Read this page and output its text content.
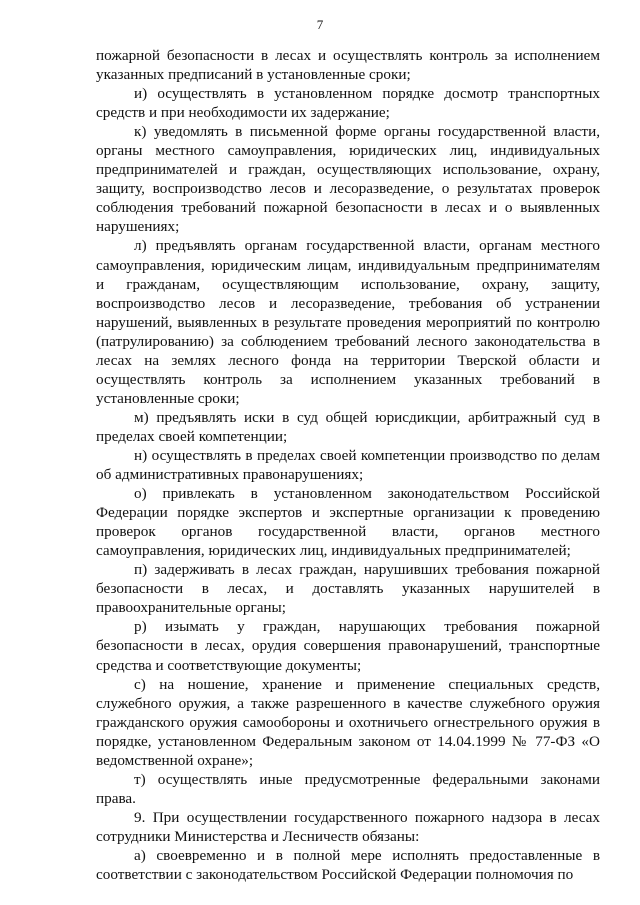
7

пожарной безопасности в лесах и осуществлять контроль за исполнением указанных предписаний в установленные сроки;

и) осуществлять в установленном порядке досмотр транспортных средств и при необходимости их задержание;

к) уведомлять в письменной форме органы государственной власти, органы местного самоуправления, юридических лиц, индивидуальных предпринимателей и граждан, осуществляющих использование, охрану, защиту, воспроизводство лесов и лесоразведение, о результатах проверок соблюдения требований пожарной безопасности в лесах и о выявленных нарушениях;

л) предъявлять органам государственной власти, органам местного самоуправления, юридическим лицам, индивидуальным предпринимателям и гражданам, осуществляющим использование, охрану, защиту, воспроизводство лесов и лесоразведение, требования об устранении нарушений, выявленных в результате проведения мероприятий по контролю (патрулированию) за соблюдением требований лесного законодательства в лесах на землях лесного фонда на территории Тверской области и осуществлять контроль за исполнением указанных требований в установленные сроки;

м) предъявлять иски в суд общей юрисдикции, арбитражный суд в пределах своей компетенции;

н) осуществлять в пределах своей компетенции производство по делам об административных правонарушениях;

о) привлекать в установленном законодательством Российской Федерации порядке экспертов и экспертные организации к проведению проверок органов государственной власти, органов местного самоуправления, юридических лиц, индивидуальных предпринимателей;

п) задерживать в лесах граждан, нарушивших требования пожарной безопасности в лесах, и доставлять указанных нарушителей в правоохранительные органы;

р) изымать у граждан, нарушающих требования пожарной безопасности в лесах, орудия совершения правонарушений, транспортные средства и соответствующие документы;

с) на ношение, хранение и применение специальных средств, служебного оружия, а также разрешенного в качестве служебного оружия гражданского оружия самообороны и охотничьего огнестрельного оружия в порядке, установленном Федеральным законом от 14.04.1999 № 77-ФЗ «О ведомственной охране»;

т) осуществлять иные предусмотренные федеральными законами права.

9. При осуществлении государственного пожарного надзора в лесах сотрудники Министерства и Лесничеств обязаны:

а) своевременно и в полной мере исполнять предоставленные в соответствии с законодательством Российской Федерации полномочия по
